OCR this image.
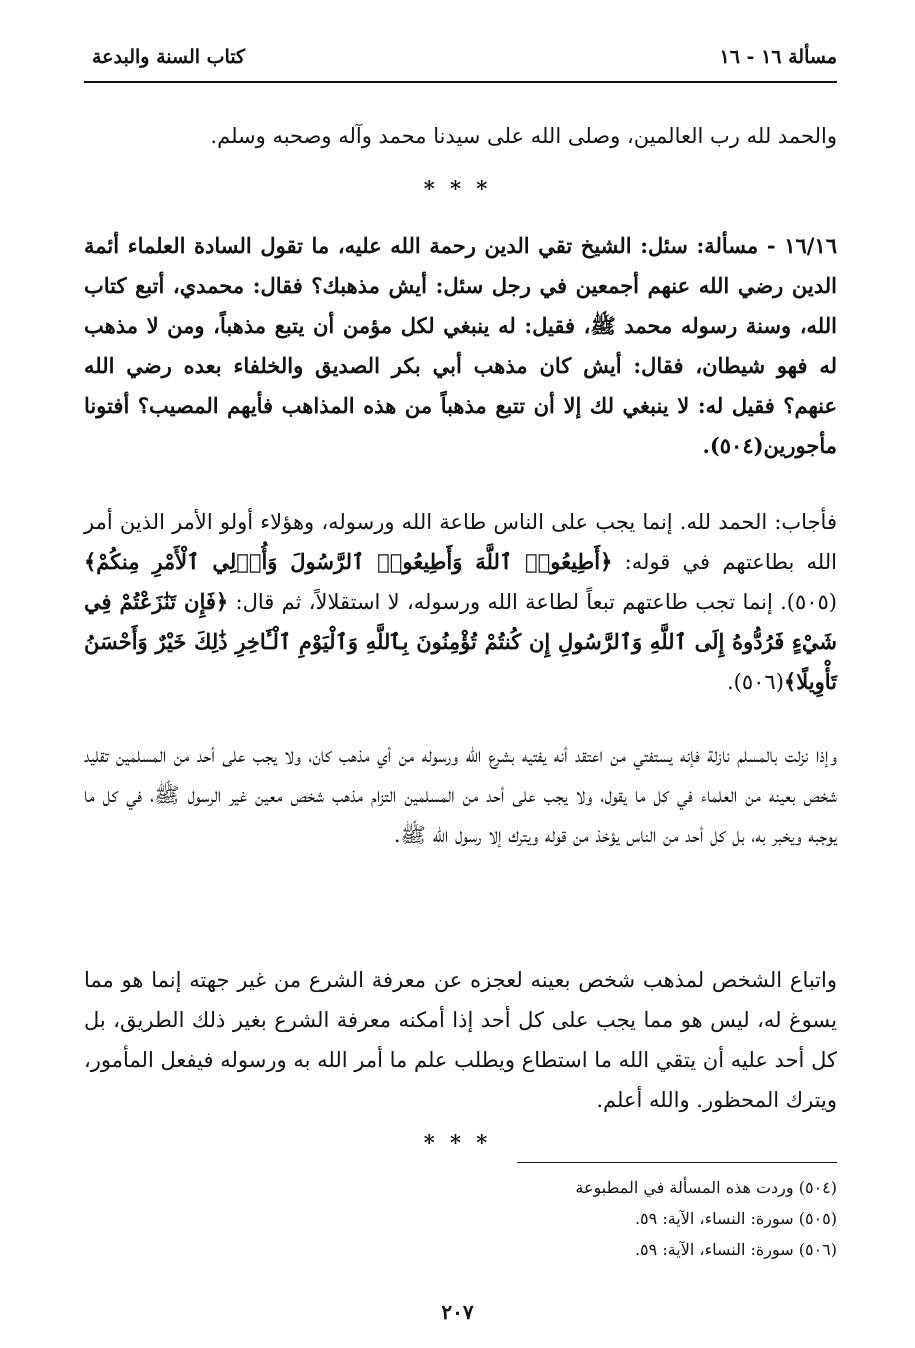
مسألة ١٦ - ١٦
كتاب السنة والبدعة
والحمد لله رب العالمين، وصلى الله على سيدنا محمد وآله وصحبه وسلم.
* * *
١٦/١٦ - مسألة: سئل: الشيخ تقي الدين رحمة الله عليه، ما تقول السادة العلماء أئمة الدين رضي الله عنهم أجمعين في رجل سئل: أيش مذهبك؟ فقال: محمدي، أتبع كتاب الله، وسنة رسوله محمد ﷺ، فقيل: له ينبغي لكل مؤمن أن يتبع مذهباً، ومن لا مذهب له فهو شيطان، فقال: أيش كان مذهب أبي بكر الصديق والخلفاء بعده رضي الله عنهم؟ فقيل له: لا ينبغي لك إلا أن تتبع مذهباً من هذه المذاهب فأيهم المصيب؟ أفتونا مأجورين(٥٠٤).
فأجاب: الحمد لله. إنما يجب على الناس طاعة الله ورسوله، وهؤلاء أولو الأمر الذين أمر الله بطاعتهم في قوله: ﴿أَطِيعُوا۟ ٱللَّهَ وَأَطِيعُوا۟ ٱلرَّسُولَ وَأُو۟لِي ٱلْأَمْرِ مِنكُمْ﴾(٥٠٥). إنما تجب طاعتهم تبعاً لطاعة الله ورسوله، لا استقلالاً، ثم قال: ﴿فَإِن تَنَٰزَعْتُمْ فِي شَيْءٍ فَرُدُّوهُ إِلَى ٱللَّهِ وَٱلرَّسُولِ إِن كُنتُمْ تُؤْمِنُونَ بِٱللَّهِ وَٱلْيَوْمِ ٱلْـَٔاخِرِ ذَٰلِكَ خَيْرٌ وَأَحْسَنُ تَأْوِيلًا﴾(٥٠٦).
وإذا نزلت بالمسلم نازلة فإنه يستفتي من اعتقد أنه يفتيه بشرع الله ورسوله من أي مذهب كان، ولا يجب على أحد من المسلمين تقليد شخص بعينه من العلماء في كل ما يقول، ولا يجب على أحد من المسلمين التزام مذهب شخص معين غير الرسول ﷺ، في كل ما يوجبه ويخبر به، بل كل أحد من الناس يؤخذ من قوله ويترك إلا رسول الله ﷺ.
واتباع الشخص لمذهب شخص بعينه لعجزه عن معرفة الشرع من غير جهته إنما هو مما يسوغ له، ليس هو مما يجب على كل أحد إذا أمكنه معرفة الشرع بغير ذلك الطريق، بل كل أحد عليه أن يتقي الله ما استطاع ويطلب علم ما أمر الله به ورسوله فيفعل المأمور، ويترك المحظور. والله أعلم.
* * *
(٥٠٤) وردت هذه المسألة في المطبوعة
(٥٠٥) سورة: النساء، الآية: ٥٩.
(٥٠٦) سورة: النساء، الآية: ٥٩.
٢٠٧
